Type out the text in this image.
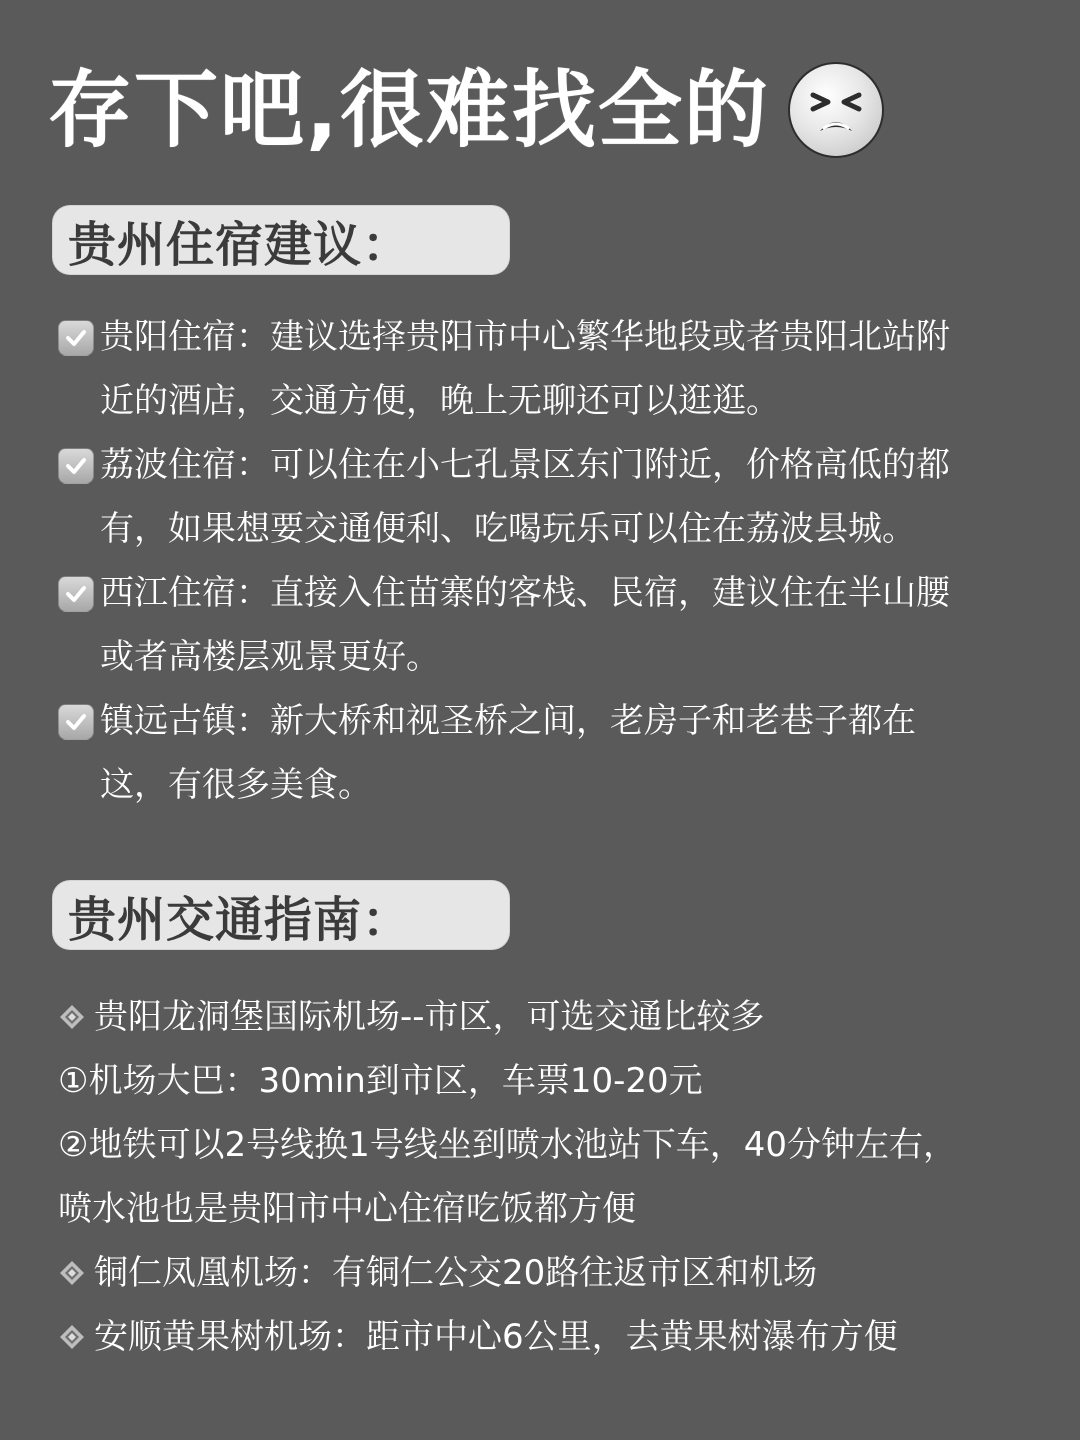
存下吧,很难找全的
贵州住宿建议：
贵阳住宿：建议选择贵阳市中心繁华地段或者贵阳北站附
近的酒店，交通方便，晚上无聊还可以逛逛。
荔波住宿：可以住在小七孔景区东门附近，价格高低的都
有，如果想要交通便利、吃喝玩乐可以住在荔波县城。
西江住宿：直接入住苗寨的客栈、民宿，建议住在半山腰
或者高楼层观景更好。
镇远古镇：新大桥和视圣桥之间，老房子和老巷子都在
这，有很多美食。
贵州交通指南：
贵阳龙洞堡国际机场--市区，可选交通比较多
①机场大巴：30min到市区，车票10-20元
②地铁可以2号线换1号线坐到喷水池站下车，40分钟左右，
喷水池也是贵阳市中心住宿吃饭都方便
铜仁凤凰机场：有铜仁公交20路往返市区和机场
安顺黄果树机场：距市中心6公里，去黄果树瀑布方便
